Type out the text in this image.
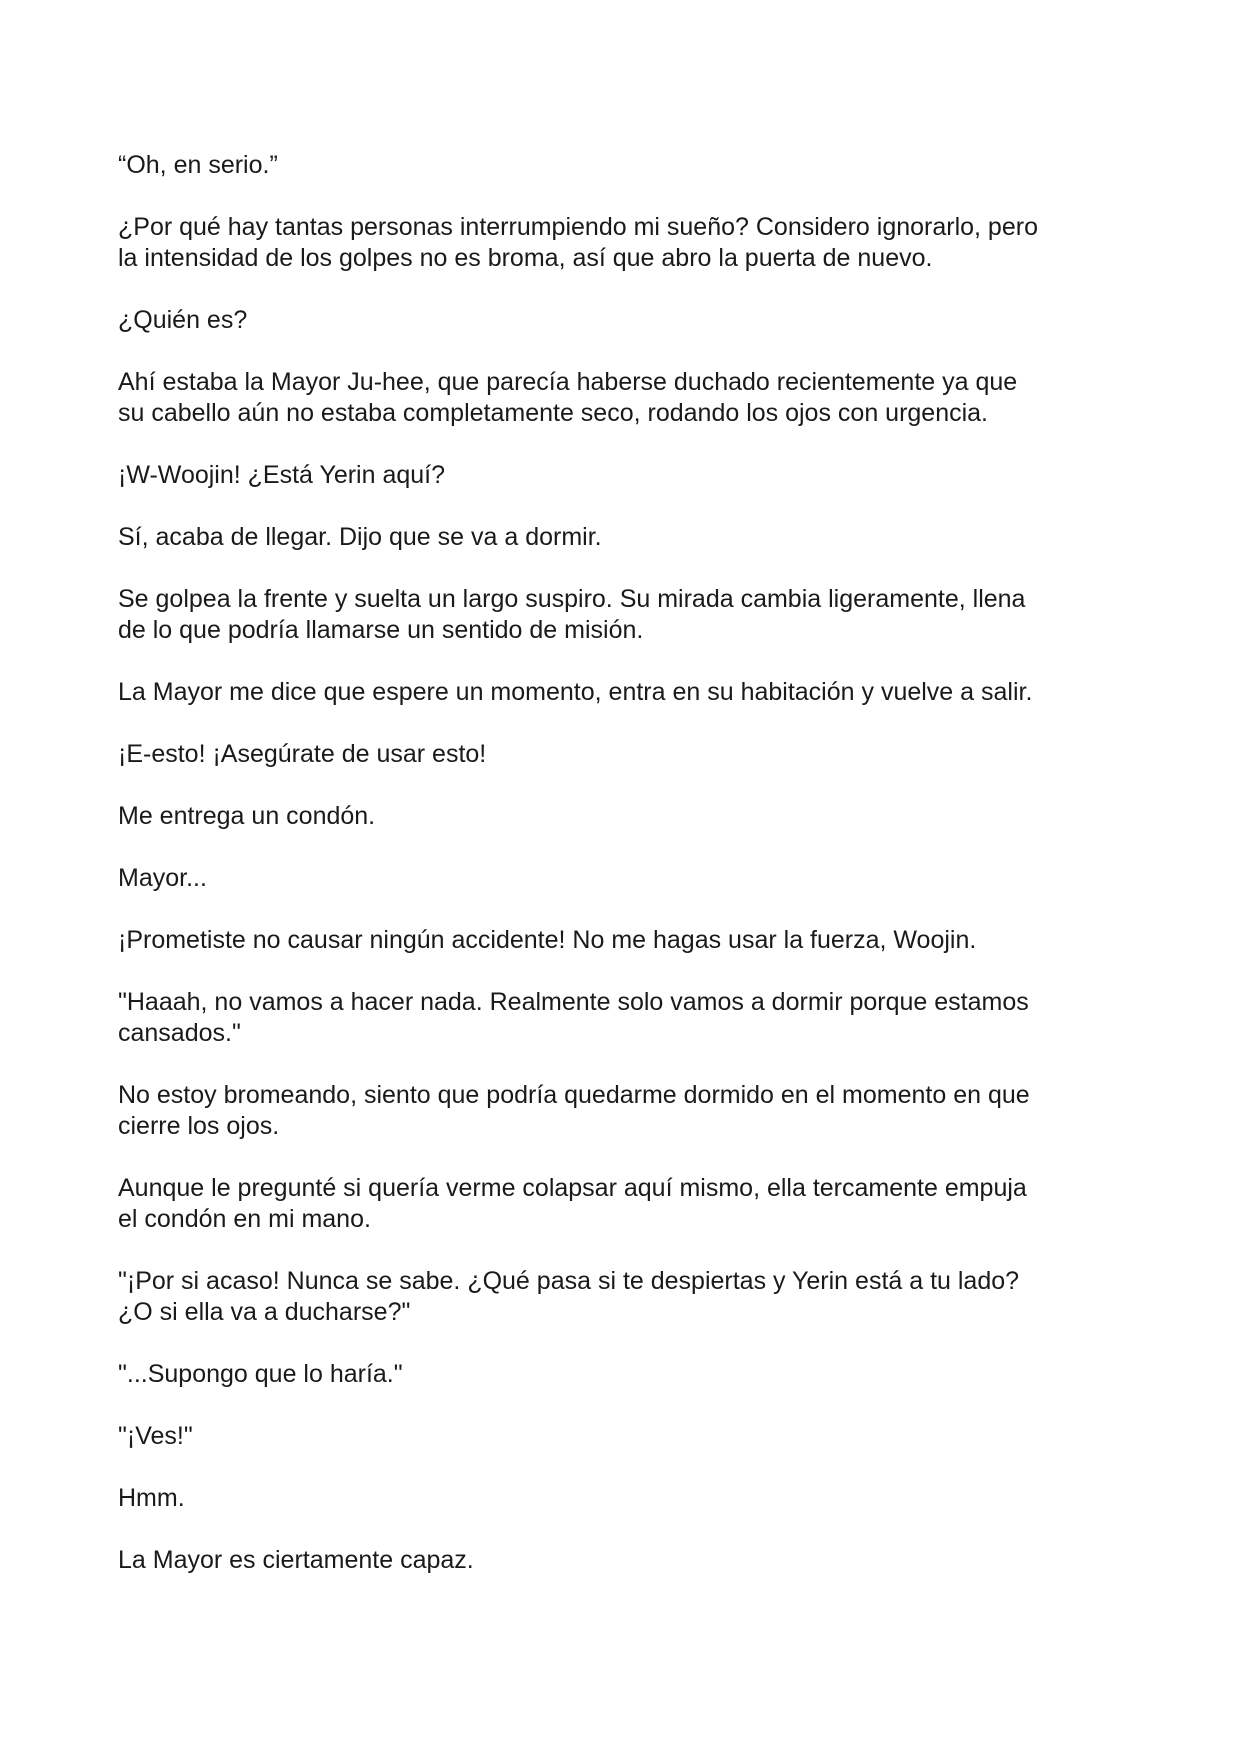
“Oh, en serio.”

¿Por qué hay tantas personas interrumpiendo mi sueño? Considero ignorarlo, pero
la intensidad de los golpes no es broma, así que abro la puerta de nuevo.

¿Quién es?

Ahí estaba la Mayor Ju-hee, que parecía haberse duchado recientemente ya que
su cabello aún no estaba completamente seco, rodando los ojos con urgencia.

¡W-Woojin! ¿Está Yerin aquí?

Sí, acaba de llegar. Dijo que se va a dormir.

Se golpea la frente y suelta un largo suspiro. Su mirada cambia ligeramente, llena
de lo que podría llamarse un sentido de misión.

La Mayor me dice que espere un momento, entra en su habitación y vuelve a salir.

¡E-esto! ¡Asegúrate de usar esto!

Me entrega un condón.

Mayor...

¡Prometiste no causar ningún accidente! No me hagas usar la fuerza, Woojin.

"Haaah, no vamos a hacer nada. Realmente solo vamos a dormir porque estamos
cansados."

No estoy bromeando, siento que podría quedarme dormido en el momento en que
cierre los ojos.

Aunque le pregunté si quería verme colapsar aquí mismo, ella tercamente empuja
el condón en mi mano.

"¡Por si acaso! Nunca se sabe. ¿Qué pasa si te despiertas y Yerin está a tu lado?
¿O si ella va a ducharse?"

"...Supongo que lo haría."

"¡Ves!"

Hmm.

La Mayor es ciertamente capaz.
